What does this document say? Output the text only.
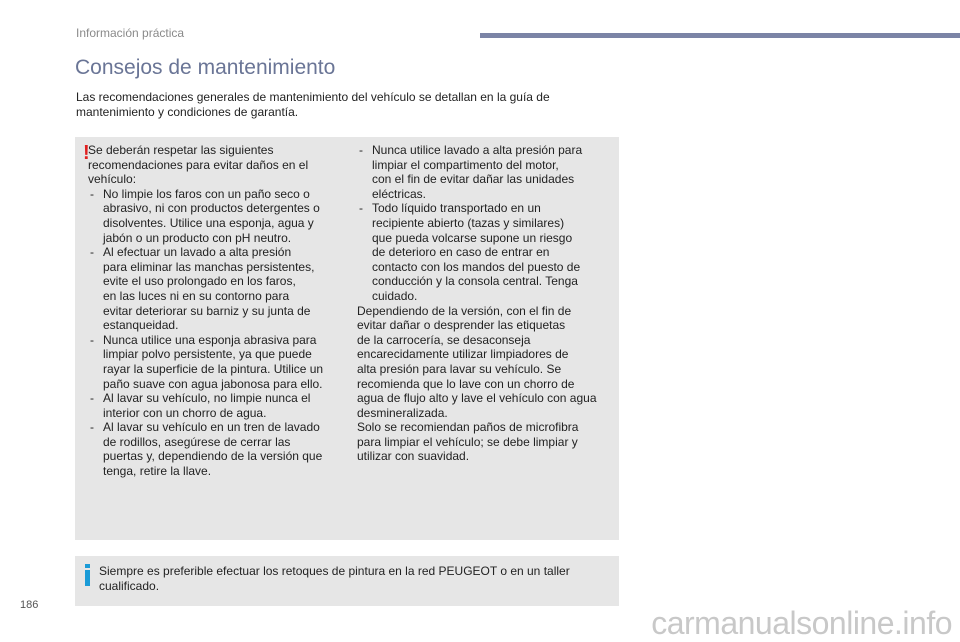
Información práctica
Consejos de mantenimiento
Las recomendaciones generales de mantenimiento del vehículo se detallan en la guía de
mantenimiento y condiciones de garantía.
!

Se deberán respetar las siguientes
recomendaciones para evitar daños en el
vehículo:

- No limpie los faros con un paño seco o
abrasivo, ni con productos detergentes o
disolventes. Utilice una esponja, agua y
jabón o un producto con pH neutro.
- Al efectuar un lavado a alta presión
para eliminar las manchas persistentes,
evite el uso prolongado en los faros,
en las luces ni en su contorno para
evitar deteriorar su barniz y su junta de
estanqueidad.
- Nunca utilice una esponja abrasiva para
limpiar polvo persistente, ya que puede
rayar la superficie de la pintura. Utilice un
paño suave con agua jabonosa para ello.
- Al lavar su vehículo, no limpie nunca el
interior con un chorro de agua.
- Al lavar su vehículo en un tren de lavado
de rodillos, asegúrese de cerrar las
puertas y, dependiendo de la versión que
tenga, retire la llave.
- Nunca utilice lavado a alta presión para
limpiar el compartimento del motor,
con el fin de evitar dañar las unidades
eléctricas.
- Todo líquido transportado en un
recipiente abierto (tazas y similares)
que pueda volcarse supone un riesgo
de deterioro en caso de entrar en
contacto con los mandos del puesto de
conducción y la consola central. Tenga
cuidado.

Dependiendo de la versión, con el fin de
evitar dañar o desprender las etiquetas
de la carrocería, se desaconseja
encarecidamente utilizar limpiadores de
alta presión para lavar su vehículo. Se
recomienda que lo lave con un chorro de
agua de flujo alto y lave el vehículo con agua
desmineralizada.

Solo se recomiendan paños de microfibra
para limpiar el vehículo; se debe limpiar y
utilizar con suavidad.

Siempre es preferible efectuar los retoques de pintura en la red PEUGEOT o en un taller
cualificado.
186	carmanualsonline.info
